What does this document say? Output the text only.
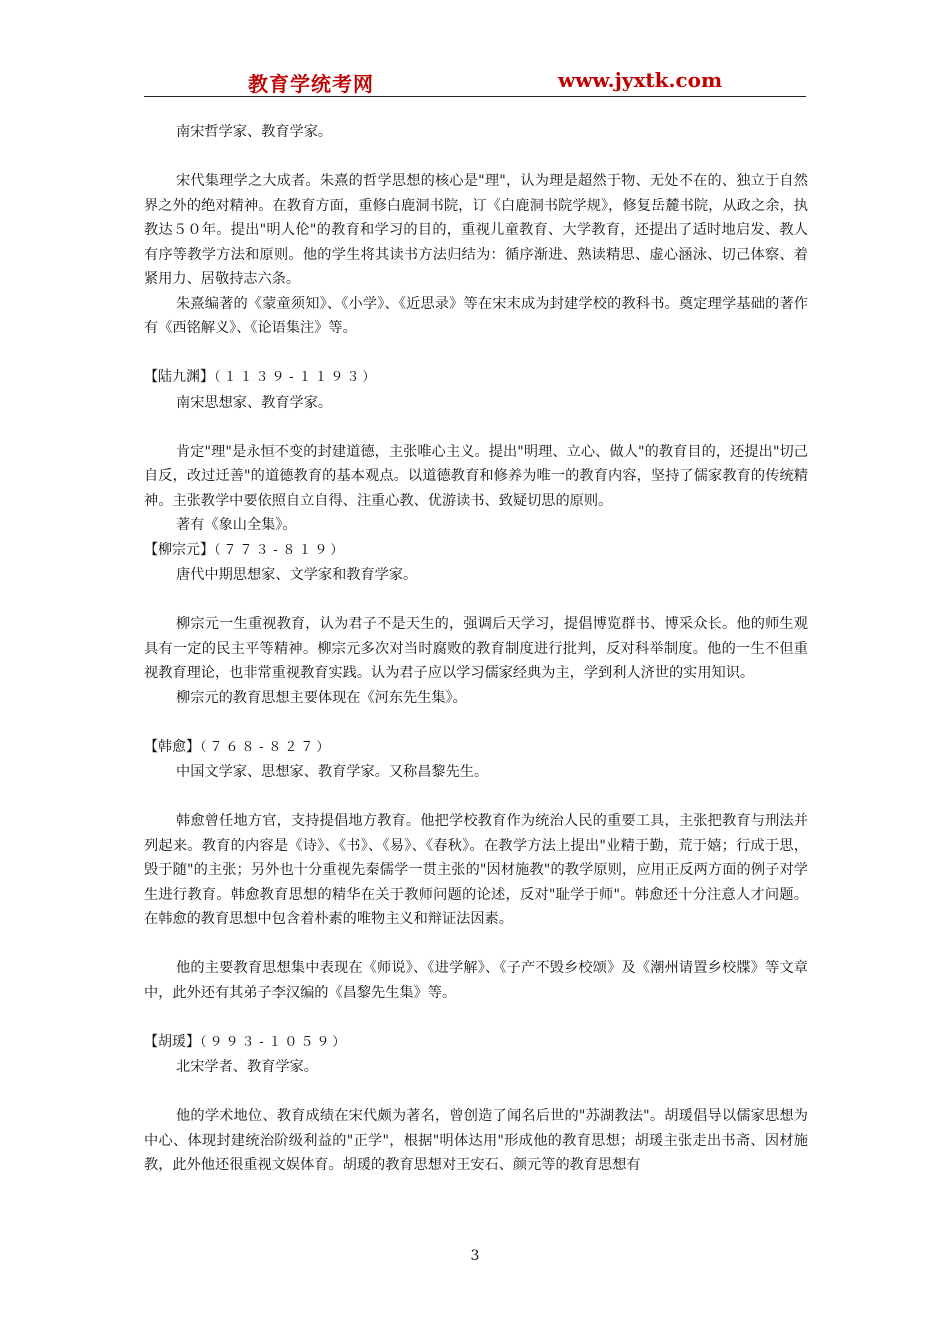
教育学统考网	www.jyxtk.com

南宋哲学家、教育学家。

宋代集理学之大成者。朱熹的哲学思想的核心是"理"，认为理是超然于物、无处不在的、独立于自然界之外的绝对精神。在教育方面，重修白鹿洞书院，订《白鹿洞书院学规》，修复岳麓书院，从政之余，执教达５０年。提出"明人伦"的教育和学习的目的，重视儿童教育、大学教育，还提出了适时地启发、教人有序等教学方法和原则。他的学生将其读书方法归结为：循序渐进、熟读精思、虚心涵泳、切己体察、着紧用力、居敬持志六条。

朱熹编著的《蒙童须知》、《小学》、《近思录》等在宋末成为封建学校的教科书。奠定理学基础的著作有《西铭解义》、《论语集注》等。

【陆九渊】（１１３９-１１９３）

南宋思想家、教育学家。

肯定"理"是永恒不变的封建道德，主张唯心主义。提出"明理、立心、做人"的教育目的，还提出"切己自反，改过迁善"的道德教育的基本观点。以道德教育和修养为唯一的教育内容，坚持了儒家教育的传统精神。主张教学中要依照自立自得、注重心教、优游读书、致疑切思的原则。

著有《象山全集》。

【柳宗元】（７７３-８１９）

唐代中期思想家、文学家和教育学家。

柳宗元一生重视教育，认为君子不是天生的，强调后天学习，提倡博览群书、博采众长。他的师生观具有一定的民主平等精神。柳宗元多次对当时腐败的教育制度进行批判，反对科举制度。他的一生不但重视教育理论，也非常重视教育实践。认为君子应以学习儒家经典为主，学到利人济世的实用知识。

柳宗元的教育思想主要体现在《河东先生集》。

【韩愈】（７６８-８２７）

中国文学家、思想家、教育学家。又称昌黎先生。

韩愈曾任地方官，支持提倡地方教育。他把学校教育作为统治人民的重要工具，主张把教育与刑法并列起来。教育的内容是《诗》、《书》、《易》、《春秋》。在教学方法上提出"业精于勤，荒于嬉；行成于思，毁于随"的主张；另外也十分重视先秦儒学一贯主张的"因材施教"的教学原则，应用正反两方面的例子对学生进行教育。韩愈教育思想的精华在关于教师问题的论述，反对"耻学于师"。韩愈还十分注意人才问题。在韩愈的教育思想中包含着朴素的唯物主义和辩证法因素。

他的主要教育思想集中表现在《师说》、《进学解》、《子产不毁乡校颂》及《潮州请置乡校牒》等文章中，此外还有其弟子李汉编的《昌黎先生集》等。

【胡瑗】（９９３-１０５９）

北宋学者、教育学家。

他的学术地位、教育成绩在宋代颇为著名，曾创造了闻名后世的"苏湖教法"。胡瑗倡导以儒家思想为中心、体现封建统治阶级利益的"正学"，根据"明体达用"形成他的教育思想；胡瑗主张走出书斋、因材施教，此外他还很重视文娱体育。胡瑗的教育思想对王安石、颜元等的教育思想有

3
